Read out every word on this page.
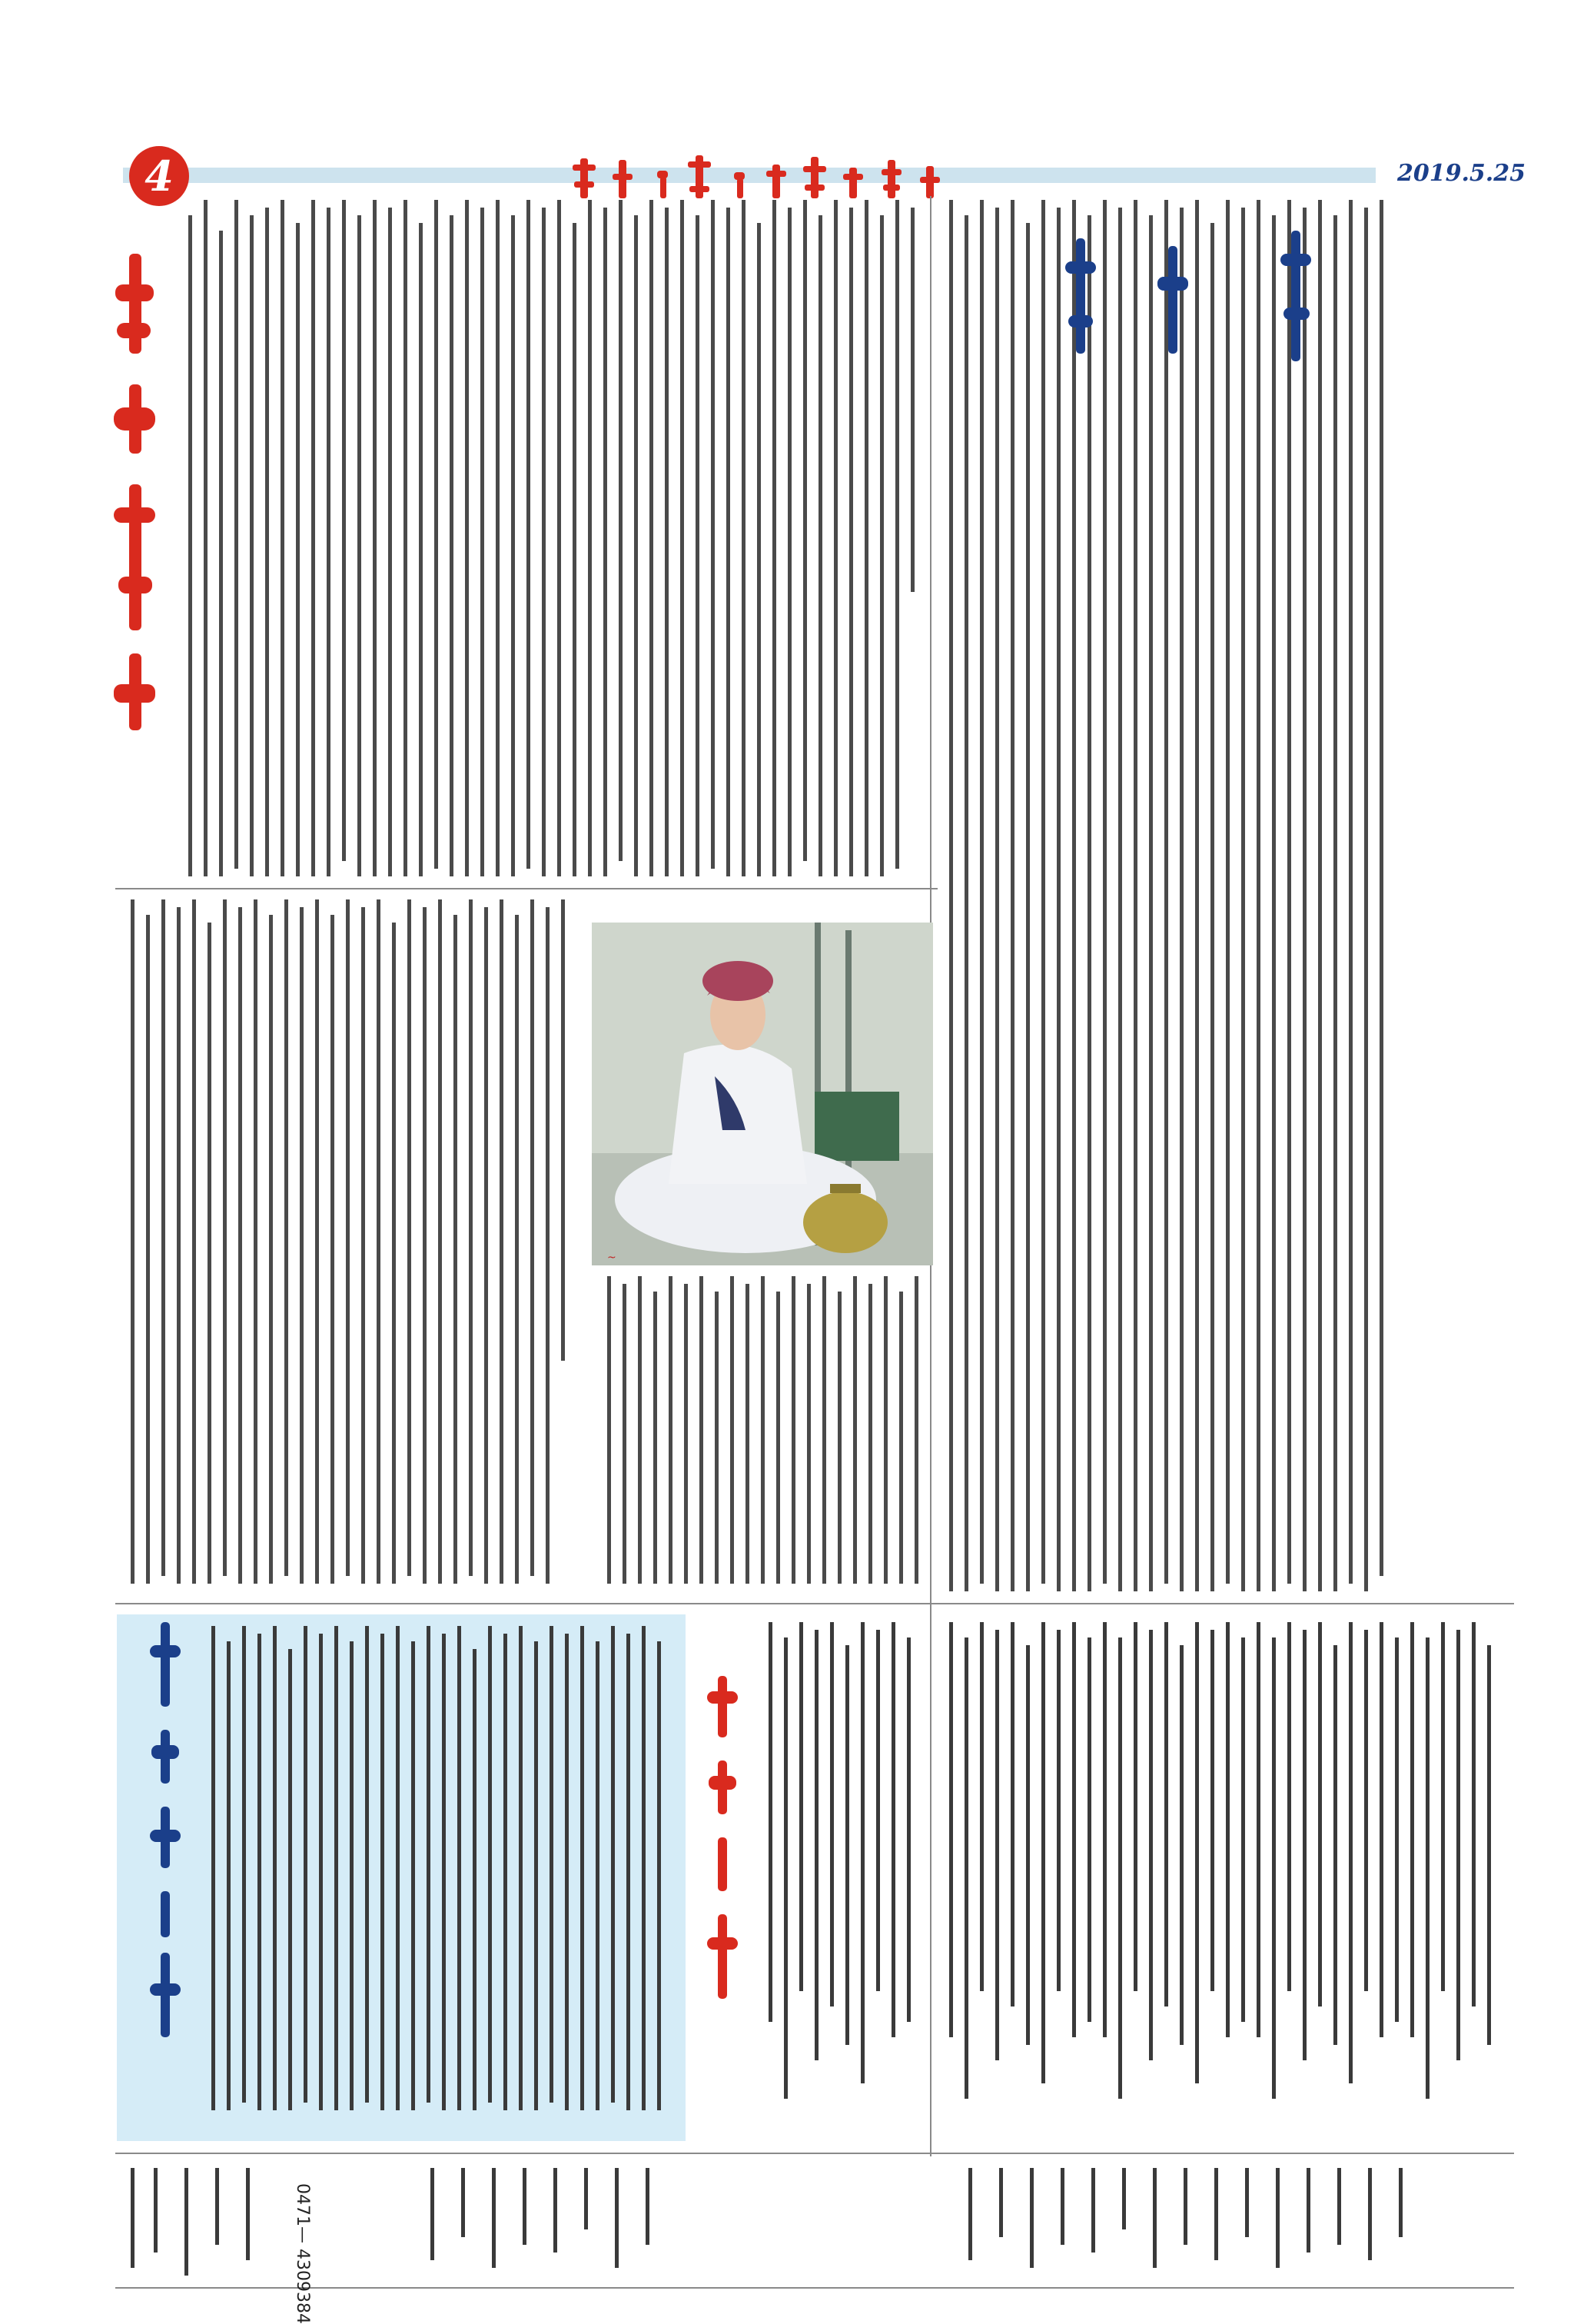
4	2019.5.25
~
0471— 4309384
